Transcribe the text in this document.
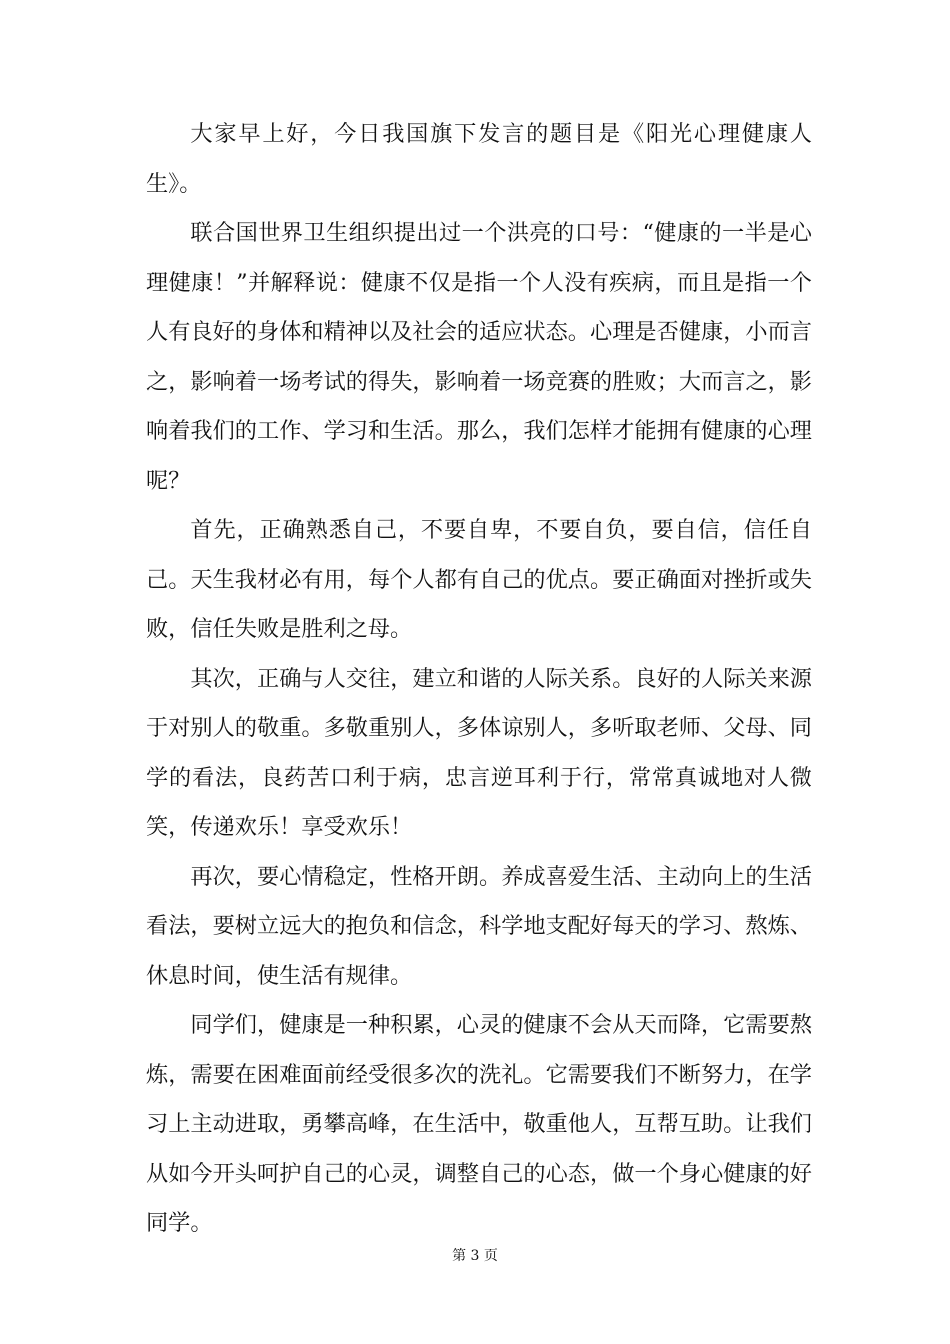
大家早上好，今日我国旗下发言的题目是《阳光心理健康人生》。

联合国世界卫生组织提出过一个洪亮的口号：“健康的一半是心理健康！”并解释说：健康不仅是指一个人没有疾病，而且是指一个人有良好的身体和精神以及社会的适应状态。心理是否健康，小而言之，影响着一场考试的得失，影响着一场竞赛的胜败；大而言之，影响着我们的工作、学习和生活。那么，我们怎样才能拥有健康的心理呢？

首先，正确熟悉自己，不要自卑，不要自负，要自信，信任自己。天生我材必有用，每个人都有自己的优点。要正确面对挫折或失败，信任失败是胜利之母。

其次，正确与人交往，建立和谐的人际关系。良好的人际关来源于对别人的敬重。多敬重别人，多体谅别人，多听取老师、父母、同学的看法，良药苦口利于病，忠言逆耳利于行，常常真诚地对人微笑，传递欢乐！享受欢乐！

再次，要心情稳定，性格开朗。养成喜爱生活、主动向上的生活看法，要树立远大的抱负和信念，科学地支配好每天的学习、熬炼、休息时间，使生活有规律。

同学们，健康是一种积累，心灵的健康不会从天而降，它需要熬炼，需要在困难面前经受很多次的洗礼。它需要我们不断努力，在学习上主动进取，勇攀高峰，在生活中，敬重他人，互帮互助。让我们从如今开头呵护自己的心灵，调整自己的心态，做一个身心健康的好同学。

第 3 页
